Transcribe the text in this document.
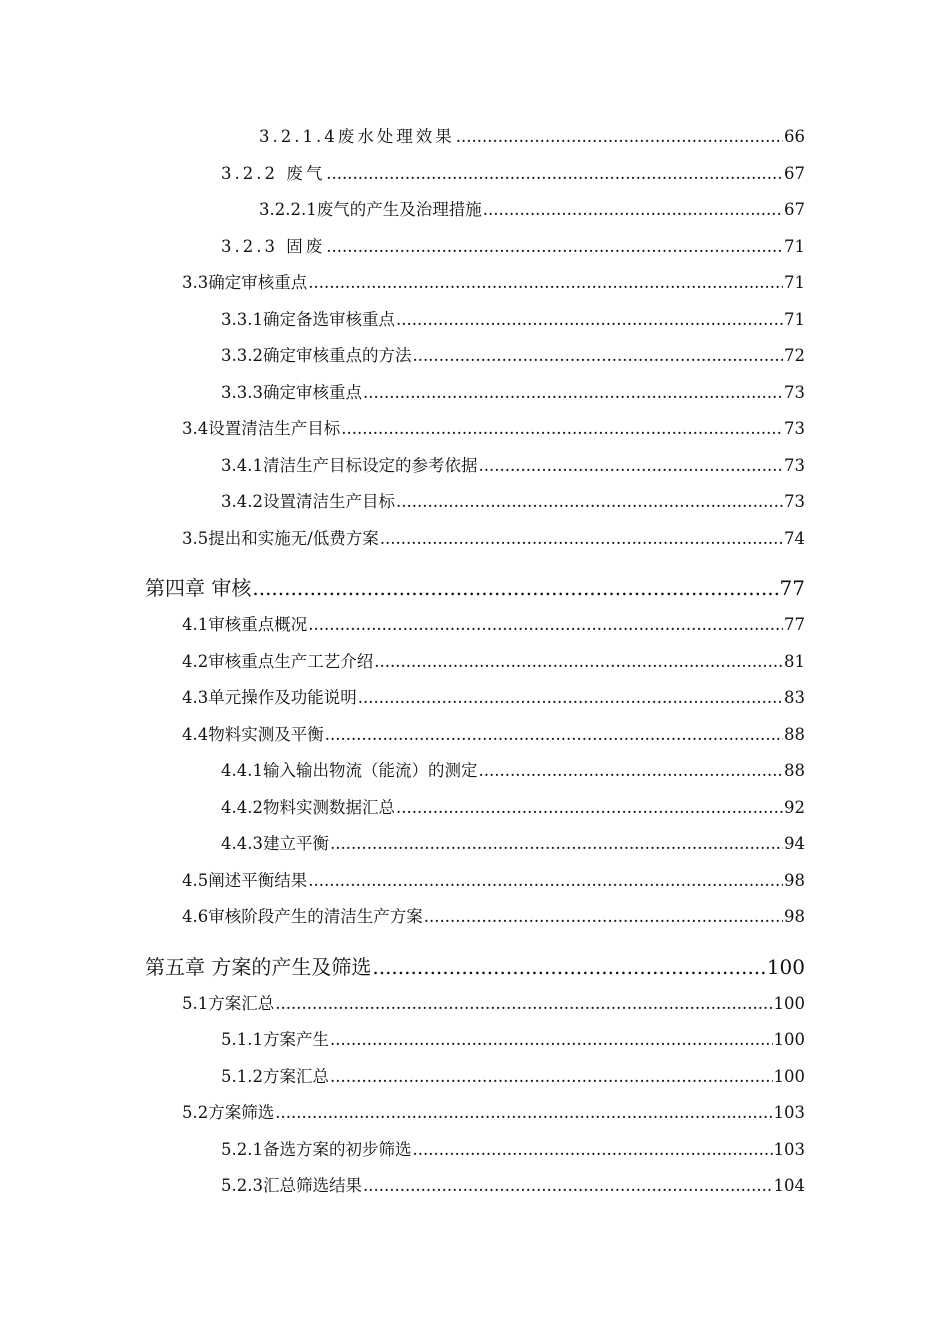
3.2.1.4废水处理效果 .....	66
3.2.2 废气 .....	67
3.2.2.1废气的产生及治理措施 .....	67
3.2.3 固废 .....	71
3.3确定审核重点 .....	71
3.3.1确定备选审核重点 .....	71
3.3.2确定审核重点的方法 .....	72
3.3.3确定审核重点 .....	73
3.4设置清洁生产目标 .....	73
3.4.1清洁生产目标设定的参考依据 .....	73
3.4.2设置清洁生产目标 .....	73
3.5提出和实施无/低费方案 .....	74
第四章 审核 .....	77
4.1审核重点概况 .....	77
4.2审核重点生产工艺介绍 .....	81
4.3单元操作及功能说明 .....	83
4.4物料实测及平衡 .....	88
4.4.1输入输出物流（能流）的测定 .....	88
4.4.2物料实测数据汇总 .....	92
4.4.3建立平衡 .....	94
4.5阐述平衡结果 .....	98
4.6审核阶段产生的清洁生产方案 .....	98
第五章 方案的产生及筛选 .....	100
5.1方案汇总 .....	100
5.1.1方案产生 .....	100
5.1.2方案汇总 .....	100
5.2方案筛选 .....	103
5.2.1备选方案的初步筛选 .....	103
5.2.3汇总筛选结果 .....	104
